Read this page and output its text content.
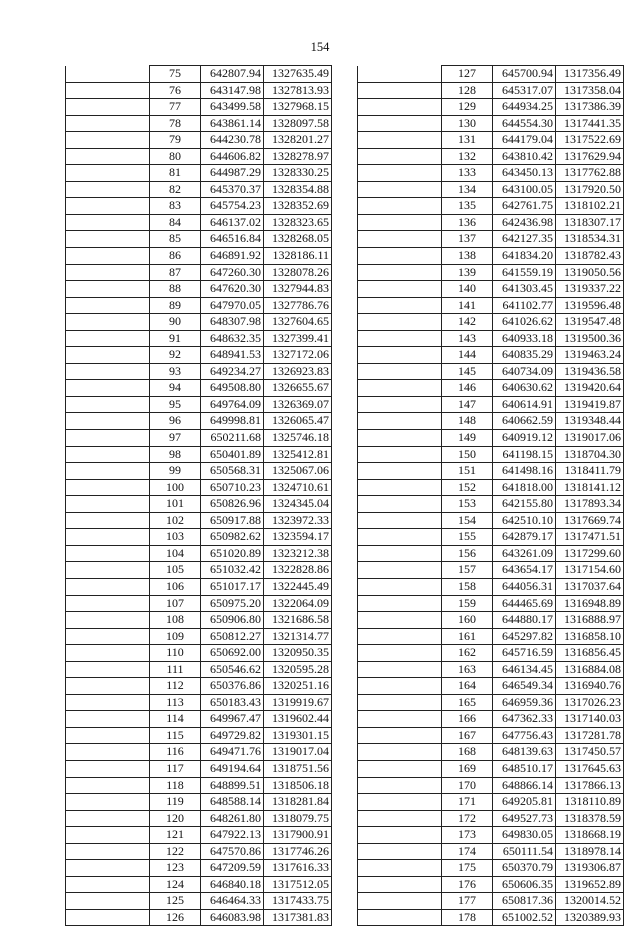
154
	75	642807.94	1327635.49
	76	643147.98	1327813.93
	77	643499.58	1327968.15
	78	643861.14	1328097.58
	79	644230.78	1328201.27
	80	644606.82	1328278.97
	81	644987.29	1328330.25
	82	645370.37	1328354.88
	83	645754.23	1328352.69
	84	646137.02	1328323.65
	85	646516.84	1328268.05
	86	646891.92	1328186.11
	87	647260.30	1328078.26
	88	647620.30	1327944.83
	89	647970.05	1327786.76
	90	648307.98	1327604.65
	91	648632.35	1327399.41
	92	648941.53	1327172.06
	93	649234.27	1326923.83
	94	649508.80	1326655.67
	95	649764.09	1326369.07
	96	649998.81	1326065.47
	97	650211.68	1325746.18
	98	650401.89	1325412.81
	99	650568.31	1325067.06
	100	650710.23	1324710.61
	101	650826.96	1324345.04
	102	650917.88	1323972.33
	103	650982.62	1323594.17
	104	651020.89	1323212.38
	105	651032.42	1322828.86
	106	651017.17	1322445.49
	107	650975.20	1322064.09
	108	650906.80	1321686.58
	109	650812.27	1321314.77
	110	650692.00	1320950.35
	111	650546.62	1320595.28
	112	650376.86	1320251.16
	113	650183.43	1319919.67
	114	649967.47	1319602.44
	115	649729.82	1319301.15
	116	649471.76	1319017.04
	117	649194.64	1318751.56
	118	648899.51	1318506.18
	119	648588.14	1318281.84
	120	648261.80	1318079.75
	121	647922.13	1317900.91
	122	647570.86	1317746.26
	123	647209.59	1317616.33
	124	646840.18	1317512.05
	125	646464.33	1317433.75
	126	646083.98	1317381.83
	127	645700.94	1317356.49
	128	645317.07	1317358.04
	129	644934.25	1317386.39
	130	644554.30	1317441.35
	131	644179.04	1317522.69
	132	643810.42	1317629.94
	133	643450.13	1317762.88
	134	643100.05	1317920.50
	135	642761.75	1318102.21
	136	642436.98	1318307.17
	137	642127.35	1318534.31
	138	641834.20	1318782.43
	139	641559.19	1319050.56
	140	641303.45	1319337.22
	141	641102.77	1319596.48
	142	641026.62	1319547.48
	143	640933.18	1319500.36
	144	640835.29	1319463.24
	145	640734.09	1319436.58
	146	640630.62	1319420.64
	147	640614.91	1319419.87
	148	640662.59	1319348.44
	149	640919.12	1319017.06
	150	641198.15	1318704.30
	151	641498.16	1318411.79
	152	641818.00	1318141.12
	153	642155.80	1317893.34
	154	642510.10	1317669.74
	155	642879.17	1317471.51
	156	643261.09	1317299.60
	157	643654.17	1317154.60
	158	644056.31	1317037.64
	159	644465.69	1316948.89
	160	644880.17	1316888.97
	161	645297.82	1316858.10
	162	645716.59	1316856.45
	163	646134.45	1316884.08
	164	646549.34	1316940.76
	165	646959.36	1317026.23
	166	647362.33	1317140.03
	167	647756.43	1317281.78
	168	648139.63	1317450.57
	169	648510.17	1317645.63
	170	648866.14	1317866.13
	171	649205.81	1318110.89
	172	649527.73	1318378.59
	173	649830.05	1318668.19
	174	650111.54	1318978.14
	175	650370.79	1319306.87
	176	650606.35	1319652.89
	177	650817.36	1320014.52
	178	651002.52	1320389.93
